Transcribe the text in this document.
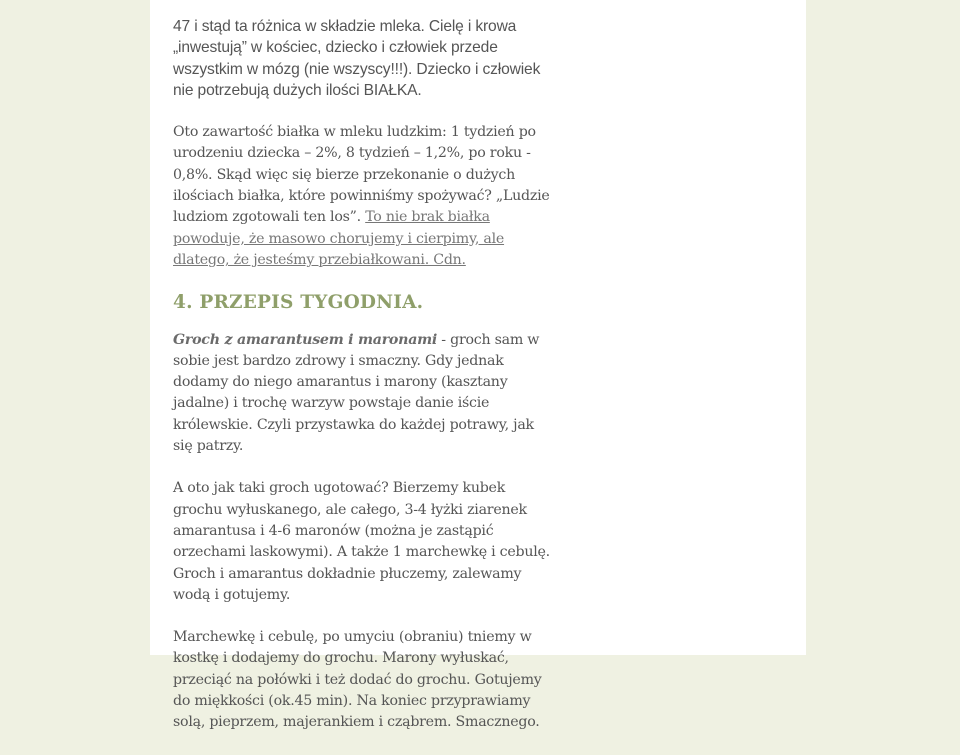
47 i stąd ta różnica w składzie mleka. Cielę i krowa „inwestują” w kościec, dziecko i człowiek przede wszystkim w mózg (nie wszyscy!!!). Dziecko i człowiek nie potrzebują dużych ilości BIAŁKA.

Oto zawartość białka w mleku ludzkim: 1 tydzień po urodzeniu dziecka – 2%, 8 tydzień – 1,2%, po roku - 0,8%. Skąd więc się bierze przekonanie o dużych ilościach białka, które powinniśmy spożywać? „Ludzie ludziom zgotowali ten los”. To nie brak białka powoduje, że masowo chorujemy i cierpimy, ale dlatego, że jesteśmy przebiałkowani. Cdn.

4. PRZEPIS TYGODNIA.

Groch z amarantusem i maronami - groch sam w sobie jest bardzo zdrowy i smaczny. Gdy jednak dodamy do niego amarantus i marony (kasztany jadalne) i trochę warzyw powstaje danie iście królewskie. Czyli przystawka do każdej potrawy, jak się patrzy.

A oto jak taki groch ugotować? Bierzemy kubek grochu wyłuskanego, ale całego, 3-4 łyżki ziarenek amarantusa i 4-6 maronów (można je zastąpić orzechami laskowymi). A także 1 marchewkę i cebulę. Groch i amarantus dokładnie płuczemy, zalewamy wodą i gotujemy.

Marchewkę i cebulę, po umyciu (obraniu) tniemy w kostkę i dodajemy do grochu. Marony wyłuskać, przeciąć na połówki i też dodać do grochu. Gotujemy do miękkości (ok.45 min). Na koniec przyprawiamy solą, pieprzem, majerankiem i cząbrem. Smacznego.
